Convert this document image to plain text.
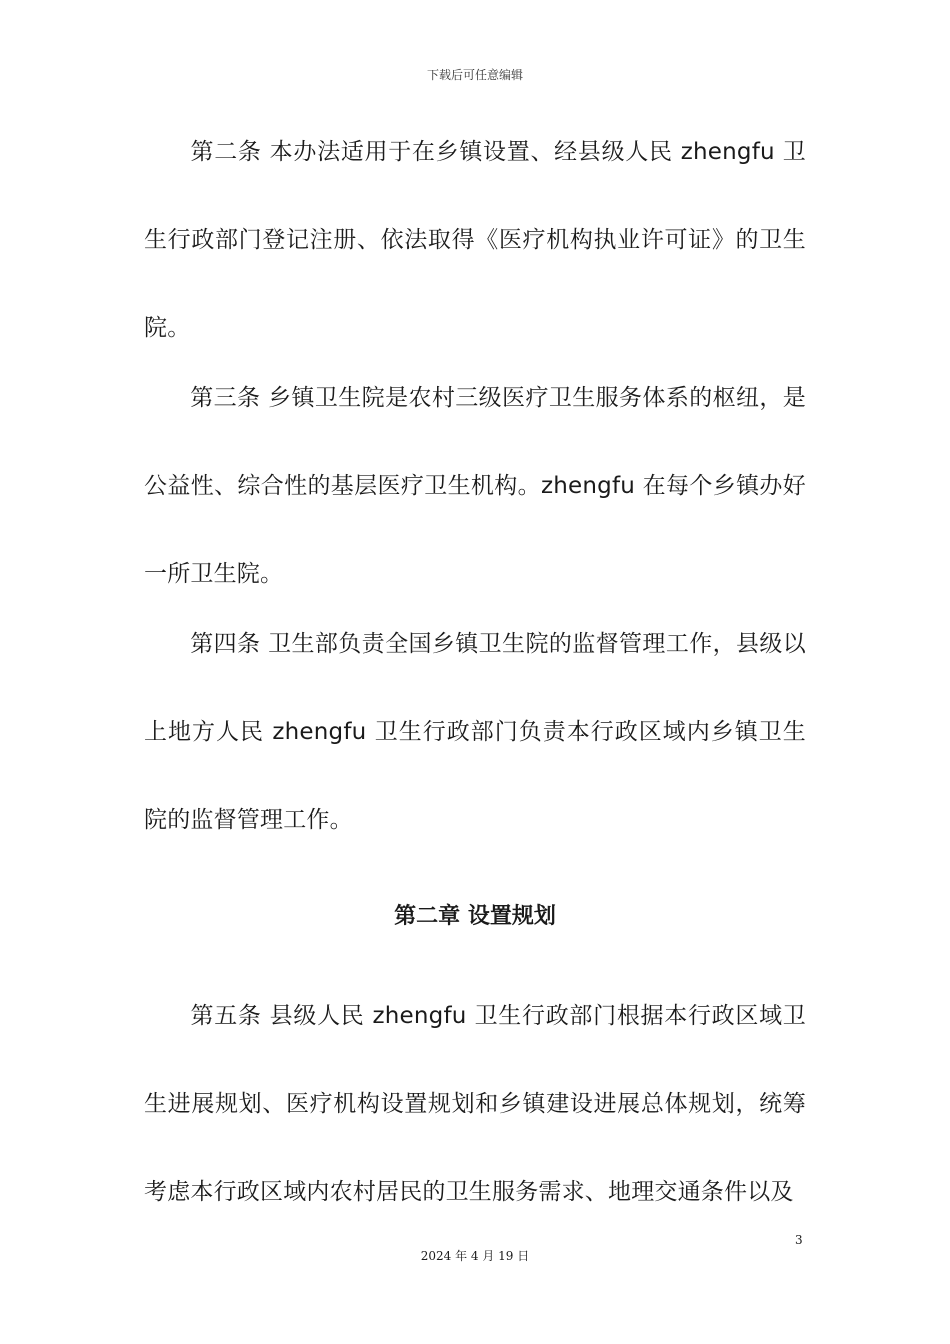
下载后可任意编辑

第二条 本办法适用于在乡镇设置、经县级人民 zhengfu 卫生行政部门登记注册、依法取得《医疗机构执业许可证》的卫生院。

第三条 乡镇卫生院是农村三级医疗卫生服务体系的枢纽，是公益性、综合性的基层医疗卫生机构。zhengfu 在每个乡镇办好一所卫生院。

第四条 卫生部负责全国乡镇卫生院的监督管理工作，县级以上地方人民 zhengfu 卫生行政部门负责本行政区域内乡镇卫生院的监督管理工作。

第二章 设置规划

第五条 县级人民 zhengfu 卫生行政部门根据本行政区域卫生进展规划、医疗机构设置规划和乡镇建设进展总体规划，统筹考虑本行政区域内农村居民的卫生服务需求、地理交通条件以及

3
2024 年 4 月 19 日
